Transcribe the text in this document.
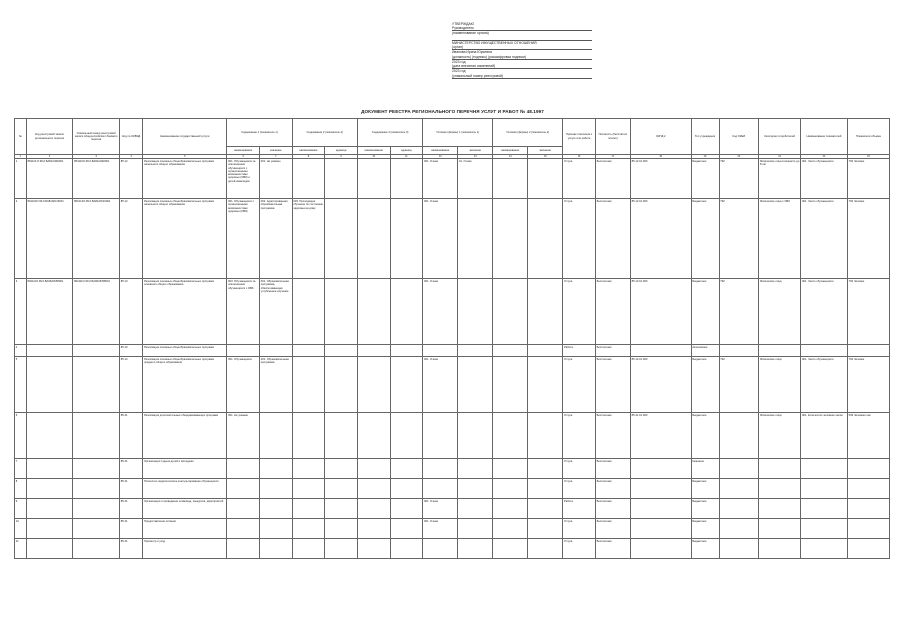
УТВЕРЖДАЮ
Руководитель
(наименование органа)
МИНИСТЕРСТВО ИМУЩЕСТВЕННЫХ ОТНОШЕНИЙ
(орган)
Иванова Ирина Юрьевна
(должность) (подпись) (расшифровка подписи)
2023 год
(дата внесения изменений)
2023 год
(уникальный номер реестровой)
ДОКУМЕНТ РЕЕСТРА РЕГИОНАЛЬНОГО ПЕРЕЧНЯ УСЛУГ И РАБОТ № 48.1997
№	Код реестровой записи регионального перечня	Уникальный номер реестровой записи общероссийского базового перечня	Код по ОКВЭД	Наименование государственной услуги	Содержание 1 (показатель 1)		Содержание 2 (показатель 2)		Содержание 3 (показатель 3)		Условие (формы) 1 (показатель 1)		Условие (формы) 2 (показатель 2)		Признак отнесения к услуге или работе	Платность (бесплатно/платно)	ОКПД 2	Тип учреждения	Код ОКЕИ	Категории потребителей	Наименование показателей	Показатели объема
					наименование	значение	наименование	единица	наименование	единица	наименование	значение	наименование	значение								
1	2	3	4	5	6	7	8	9	10	11	12	13	14	15	16	17	18	19	20	21	22	23
1	854110.О.99.0.БА81АЭ92001	854110О.99.0.БА81АЭ92001	85.12	Реализация основных общеобразовательных программ начального общего образования	001. Обучающиеся за исключением обучающихся с ограниченными возможностями здоровья (ОВЗ) и детей-инвалидов	001. Не указано					001. Очная	01. Очная			Услуга	Бесплатная	85.12.10.000	Бюджетное	792	Физические лица в возрасте до 8 лет	001. Число обучающихся	792 Человек
2	801012О.99.0.БА81АЮ16001	801012О.99.0.БА81АЮ16001	85.12	Реализация основных общеобразовательных программ начального общего образования	001. Обучающиеся с ограниченными возможностями здоровья (ОВЗ)	002. Адаптированная образовательная программа	003. Проходящие обучение по состоянию здоровья на дому				001. Очная				Услуга	Бесплатная	85.12.10.000	Бюджетное	792	Физические лица с ОВЗ	001. Число обучающихся	792 Человек
3	802111О.99.0.БА96АЮ58001	802111О.99.0.БА96АЮ58001	85.13	Реализация основных общеобразовательных программ основного общего образования	003. Обучающиеся за исключением обучающихся с ОВЗ	001. Образовательная программа, обеспечивающая углубленное изучение					001. Очная				Услуга	Бесплатная	85.13.10.000	Бюджетное	792	Физические лица	001. Число обучающихся	792 Человек
4			85.13	Реализация основных общеобразовательных программ											Работа	Бесплатная		Автономное				
5			85.14	Реализация основных общеобразовательных программ среднего общего образования	001. Обучающиеся	001. Образовательная программа					001. Очная				Услуга	Бесплатная	85.14.10.000	Бюджетное	792	Физические лица	001. Число обучающихся	792 Человек
6			85.41	Реализация дополнительных общеразвивающих программ	001. Не указано										Услуга	Бесплатная	85.41.10.000	Бюджетное		Физические лица	001. Количество человеко-часов	539 Человеко-час
7			85.41	Организация отдыха детей и молодежи											Услуга	Бесплатная		Казенное				
8			85.41	Психолого-педагогическое консультирование обучающихся											Услуга	Бесплатная		Бюджетное				
9			85.41	Организация и проведение олимпиад, конкурсов, мероприятий							001. Очная				Работа	Бесплатная		Бюджетное				
10			85.41	Предоставление питания							001. Очная				Услуга	Бесплатная		Бюджетное				
11			85.41	Присмотр и уход											Услуга	Бесплатная		Бюджетное				
